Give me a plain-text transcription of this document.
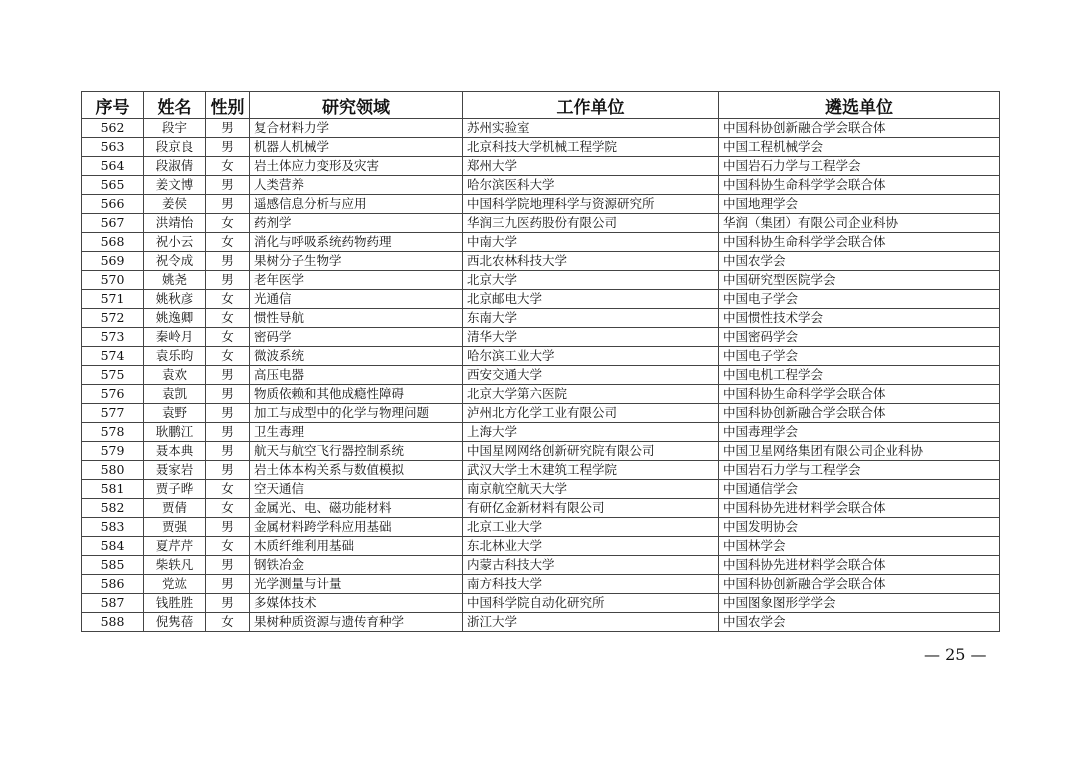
序号	姓名	性别	研究领域	工作单位	遴选单位
562	段宇	男	复合材料力学	苏州实验室	中国科协创新融合学会联合体
563	段京良	男	机器人机械学	北京科技大学机械工程学院	中国工程机械学会
564	段淑倩	女	岩土体应力变形及灾害	郑州大学	中国岩石力学与工程学会
565	姜文博	男	人类营养	哈尔滨医科大学	中国科协生命科学学会联合体
566	姜侯	男	遥感信息分析与应用	中国科学院地理科学与资源研究所	中国地理学会
567	洪靖怡	女	药剂学	华润三九医药股份有限公司	华润（集团）有限公司企业科协
568	祝小云	女	消化与呼吸系统药物药理	中南大学	中国科协生命科学学会联合体
569	祝令成	男	果树分子生物学	西北农林科技大学	中国农学会
570	姚尧	男	老年医学	北京大学	中国研究型医院学会
571	姚秋彦	女	光通信	北京邮电大学	中国电子学会
572	姚逸卿	女	惯性导航	东南大学	中国惯性技术学会
573	秦岭月	女	密码学	清华大学	中国密码学会
574	袁乐昀	女	微波系统	哈尔滨工业大学	中国电子学会
575	袁欢	男	高压电器	西安交通大学	中国电机工程学会
576	袁凯	男	物质依赖和其他成瘾性障碍	北京大学第六医院	中国科协生命科学学会联合体
577	袁野	男	加工与成型中的化学与物理问题	泸州北方化学工业有限公司	中国科协创新融合学会联合体
578	耿鹏江	男	卫生毒理	上海大学	中国毒理学会
579	聂本典	男	航天与航空飞行器控制系统	中国星网网络创新研究院有限公司	中国卫星网络集团有限公司企业科协
580	聂家岩	男	岩土体本构关系与数值模拟	武汉大学土木建筑工程学院	中国岩石力学与工程学会
581	贾子晔	女	空天通信	南京航空航天大学	中国通信学会
582	贾倩	女	金属光、电、磁功能材料	有研亿金新材料有限公司	中国科协先进材料学会联合体
583	贾强	男	金属材料跨学科应用基础	北京工业大学	中国发明协会
584	夏芹芹	女	木质纤维利用基础	东北林业大学	中国林学会
585	柴轶凡	男	钢铁冶金	内蒙古科技大学	中国科协先进材料学会联合体
586	党竑	男	光学测量与计量	南方科技大学	中国科协创新融合学会联合体
587	钱胜胜	男	多媒体技术	中国科学院自动化研究所	中国图象图形学学会
588	倪隽蓓	女	果树种质资源与遗传育种学	浙江大学	中国农学会
— 25 —
